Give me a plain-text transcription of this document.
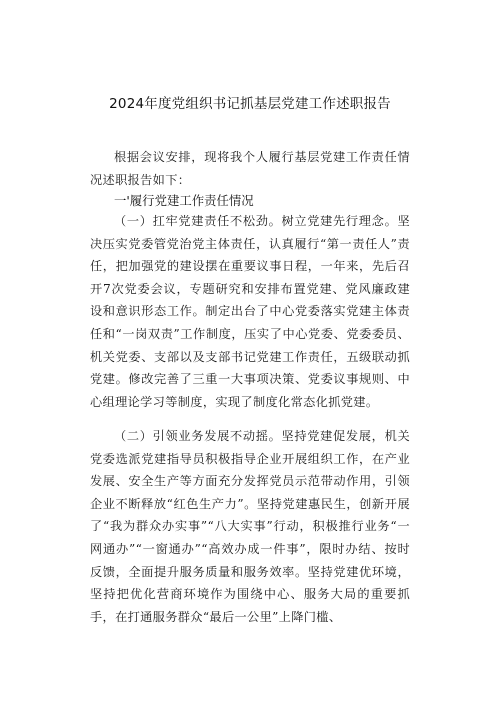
2024年度党组织书记抓基层党建工作述职报告
根据会议安排，现将我个人履行基层党建工作责任情况述职报告如下：
一'履行党建工作责任情况
（一）扛牢党建责任不松劲。树立党建先行理念。坚决压实党委管党治党主体责任，认真履行“第一责任人”责任，把加强党的建设摆在重要议事日程，一年来，先后召开7次党委会议，专题研究和安排布置党建、党风廉政建设和意识形态工作。制定出台了中心党委落实党建主体责任和“一岗双责”工作制度，压实了中心党委、党委委员、机关党委、支部以及支部书记党建工作责任，五级联动抓党建。修改完善了三重一大事项决策、党委议事规则、中心组理论学习等制度，实现了制度化常态化抓党建。
（二）引领业务发展不动摇。坚持党建促发展，机关党委选派党建指导员积极指导企业开展组织工作，在产业发展、安全生产等方面充分发挥党员示范带动作用，引领企业不断释放“红色生产力”。坚持党建惠民生，创新开展了“我为群众办实事”“八大实事”行动，积极推行业务“一网通办”“一窗通办”“高效办成一件事”，限时办结、按时反馈，全面提升服务质量和服务效率。坚持党建优环境，坚持把优化营商环境作为围绕中心、服务大局的重要抓手，在打通服务群众“最后一公里”上降门槛、
